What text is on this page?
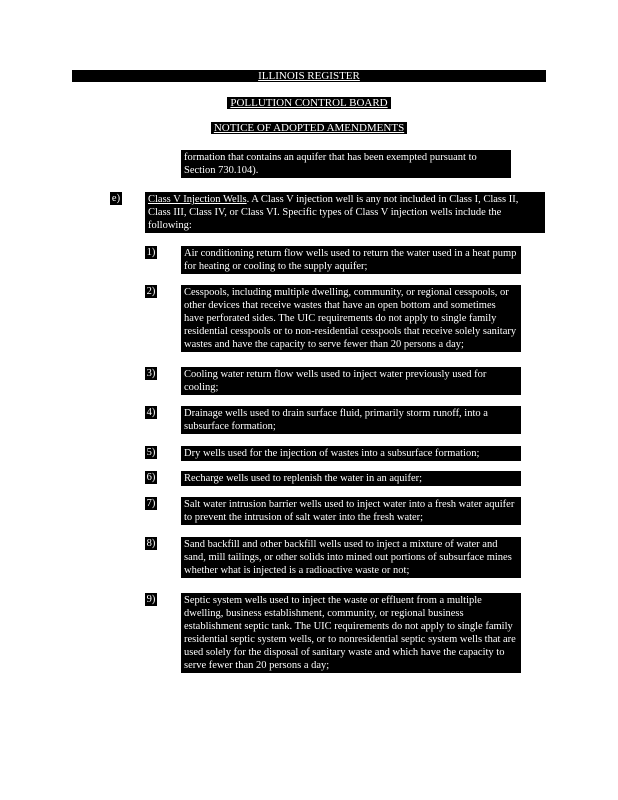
ILLINOIS REGISTER
POLLUTION CONTROL BOARD
NOTICE OF ADOPTED AMENDMENTS
formation that contains an aquifer that has been exempted pursuant to Section 730.104).
e)	Class V Injection Wells. A Class V injection well is any not included in Class I, Class II, Class III, Class IV, or Class VI. Specific types of Class V injection wells include the following:
1)	Air conditioning return flow wells used to return the water used in a heat pump for heating or cooling to the supply aquifer;
2)	Cesspools, including multiple dwelling, community, or regional cesspools, or other devices that receive wastes that have an open bottom and sometimes have perforated sides. The UIC requirements do not apply to single family residential cesspools or to non-residential cesspools that receive solely sanitary wastes and have the capacity to serve fewer than 20 persons a day;
3)	Cooling water return flow wells used to inject water previously used for cooling;
4)	Drainage wells used to drain surface fluid, primarily storm runoff, into a subsurface formation;
5)	Dry wells used for the injection of wastes into a subsurface formation;
6)	Recharge wells used to replenish the water in an aquifer;
7)	Salt water intrusion barrier wells used to inject water into a fresh water aquifer to prevent the intrusion of salt water into the fresh water;
8)	Sand backfill and other backfill wells used to inject a mixture of water and sand, mill tailings, or other solids into mined out portions of subsurface mines whether what is injected is a radioactive waste or not;
9)	Septic system wells used to inject the waste or effluent from a multiple dwelling, business establishment, community, or regional business establishment septic tank. The UIC requirements do not apply to single family residential septic system wells, or to nonresidential septic system wells that are used solely for the disposal of sanitary waste and which have the capacity to serve fewer than 20 persons a day;
